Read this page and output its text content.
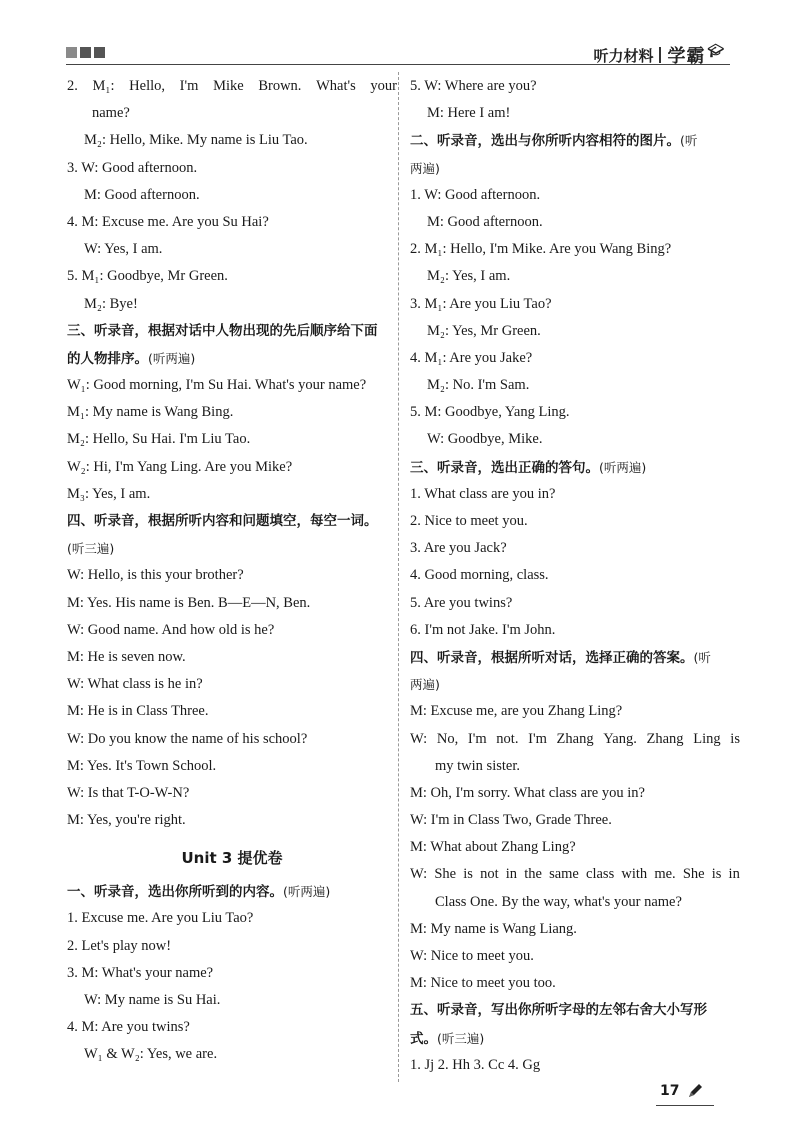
听力材料 学霸 🎓︎
2. M₁: Hello, I'm Mike Brown. What's your
name?
M₂: Hello, Mike. My name is Liu Tao.
3. W: Good afternoon.
M: Good afternoon.
4. M: Excuse me. Are you Su Hai?
W: Yes, I am.
5. M₁: Goodbye, Mr Green.
M₂: Bye!
三、听录音，根据对话中人物出现的先后顺序给下面
的人物排序。(听两遍)
W₁: Good morning, I'm Su Hai. What's your name?
M₁: My name is Wang Bing.
M₂: Hello, Su Hai. I'm Liu Tao.
W₂: Hi, I'm Yang Ling. Are you Mike?
M₃: Yes, I am.
四、听录音，根据所听内容和问题填空，每空一词。
(听三遍)
W: Hello, is this your brother?
M: Yes. His name is Ben. B—E—N, Ben.
W: Good name. And how old is he?
M: He is seven now.
W: What class is he in?
M: He is in Class Three.
W: Do you know the name of his school?
M: Yes. It's Town School.
W: Is that T-O-W-N?
M: Yes, you're right.
Unit 3 提优卷
一、听录音，选出你所听到的内容。(听两遍)
1. Excuse me. Are you Liu Tao?
2. Let's play now!
3. M: What's your name?
W: My name is Su Hai.
4. M: Are you twins?
W₁ & W₂: Yes, we are.
5. W: Where are you?
M: Here I am!
二、听录音，选出与你所听内容相符的图片。(听
两遍)
1. W: Good afternoon.
M: Good afternoon.
2. M₁: Hello, I'm Mike. Are you Wang Bing?
M₂: Yes, I am.
3. M₁: Are you Liu Tao?
M₂: Yes, Mr Green.
4. M₁: Are you Jake?
M₂: No. I'm Sam.
5. M: Goodbye, Yang Ling.
W: Goodbye, Mike.
三、听录音，选出正确的答句。(听两遍)
1. What class are you in?
2. Nice to meet you.
3. Are you Jack?
4. Good morning, class.
5. Are you twins?
6. I'm not Jake. I'm John.
四、听录音，根据所听对话，选择正确的答案。(听
两遍)
M: Excuse me, are you Zhang Ling?
W: No, I'm not. I'm Zhang Yang. Zhang Ling is
my twin sister.
M: Oh, I'm sorry. What class are you in?
W: I'm in Class Two, Grade Three.
M: What about Zhang Ling?
W: She is not in the same class with me. She is in
Class One. By the way, what's your name?
M: My name is Wang Liang.
W: Nice to meet you.
M: Nice to meet you too.
五、听录音，写出你所听字母的左邻右舍大小写形
式。(听三遍)
1. Jj 2. Hh 3. Cc 4. Gg
17
